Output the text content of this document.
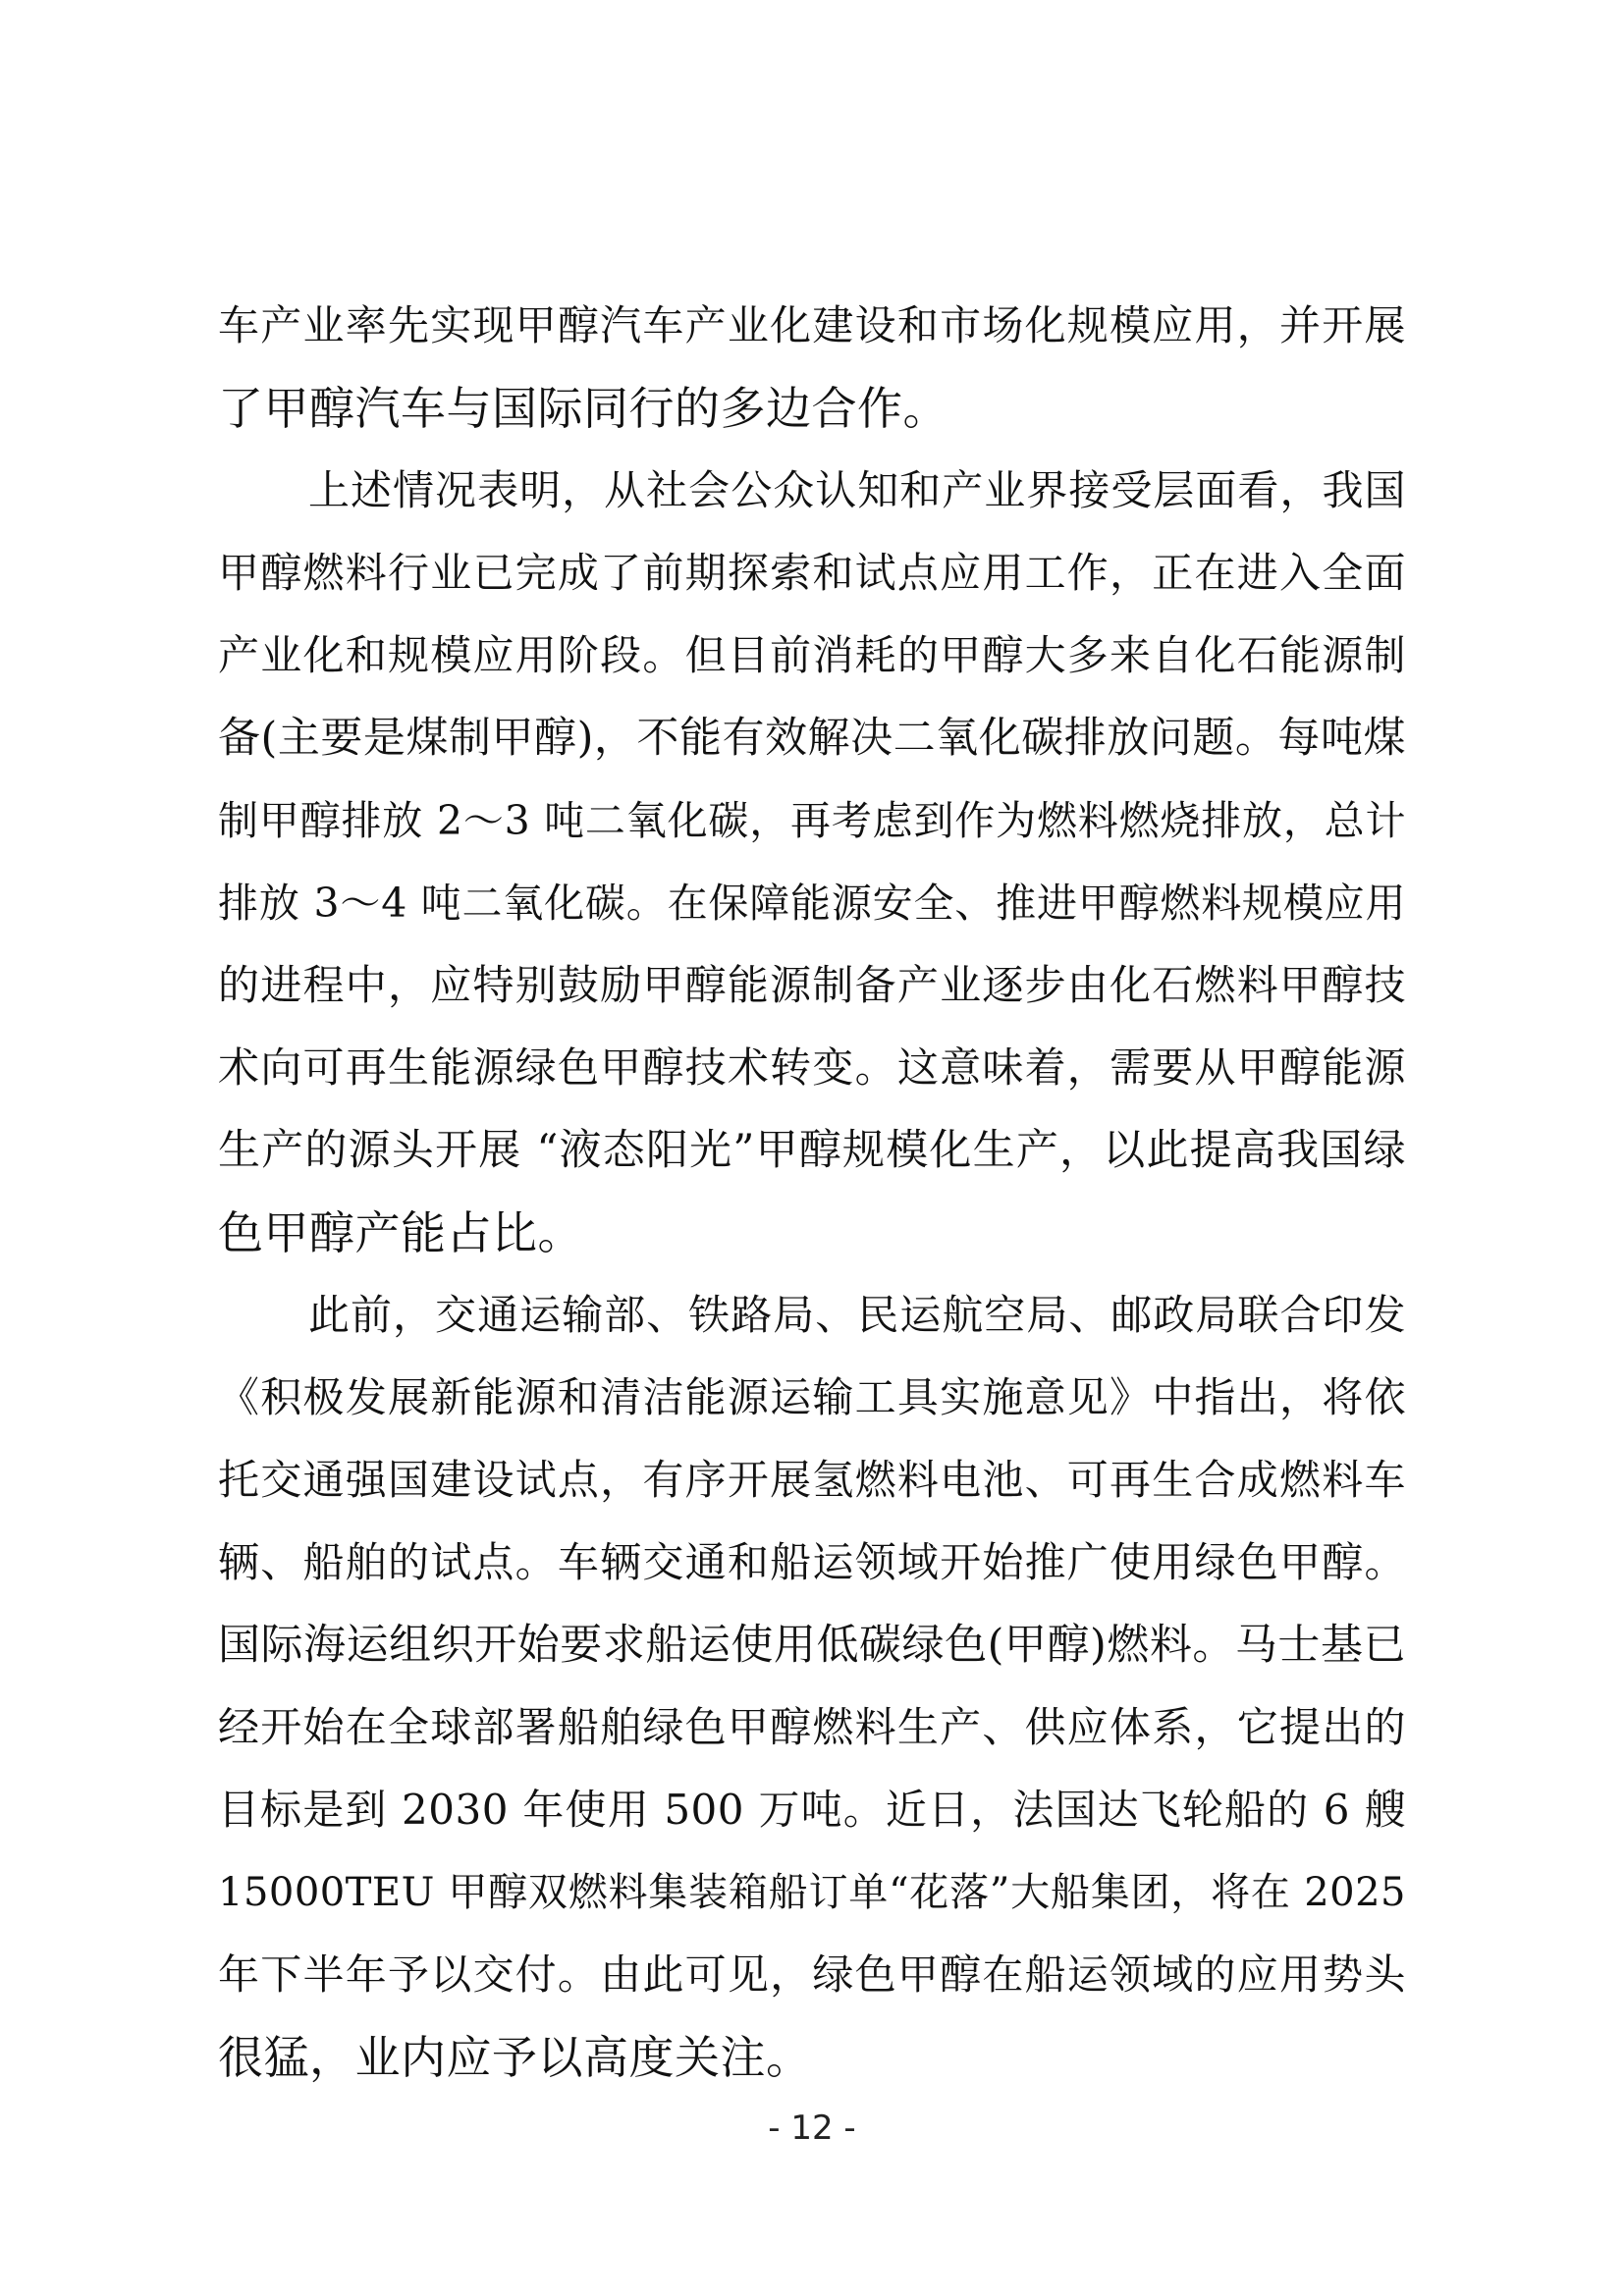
车产业率先实现甲醇汽车产业化建设和市场化规模应用，并开展
了甲醇汽车与国际同行的多边合作。
上述情况表明，从社会公众认知和产业界接受层面看，我国
甲醇燃料行业已完成了前期探索和试点应用工作，正在进入全面
产业化和规模应用阶段。但目前消耗的甲醇大多来自化石能源制
备(主要是煤制甲醇)，不能有效解决二氧化碳排放问题。每吨煤
制甲醇排放 2～3 吨二氧化碳，再考虑到作为燃料燃烧排放，总计
排放 3～4 吨二氧化碳。在保障能源安全、推进甲醇燃料规模应用
的进程中，应特别鼓励甲醇能源制备产业逐步由化石燃料甲醇技
术向可再生能源绿色甲醇技术转变。这意味着，需要从甲醇能源
生产的源头开展 “液态阳光”甲醇规模化生产，以此提高我国绿
色甲醇产能占比。
此前，交通运输部、铁路局、民运航空局、邮政局联合印发
《积极发展新能源和清洁能源运输工具实施意见》中指出，将依
托交通强国建设试点，有序开展氢燃料电池、可再生合成燃料车
辆、船舶的试点。车辆交通和船运领域开始推广使用绿色甲醇。
国际海运组织开始要求船运使用低碳绿色(甲醇)燃料。马士基已
经开始在全球部署船舶绿色甲醇燃料生产、供应体系，它提出的
目标是到 2030 年使用 500 万吨。近日，法国达飞轮船的 6 艘
15000TEU 甲醇双燃料集装箱船订单“花落”大船集团，将在 2025
年下半年予以交付。由此可见，绿色甲醇在船运领域的应用势头
很猛，业内应予以高度关注。
- 12 -
